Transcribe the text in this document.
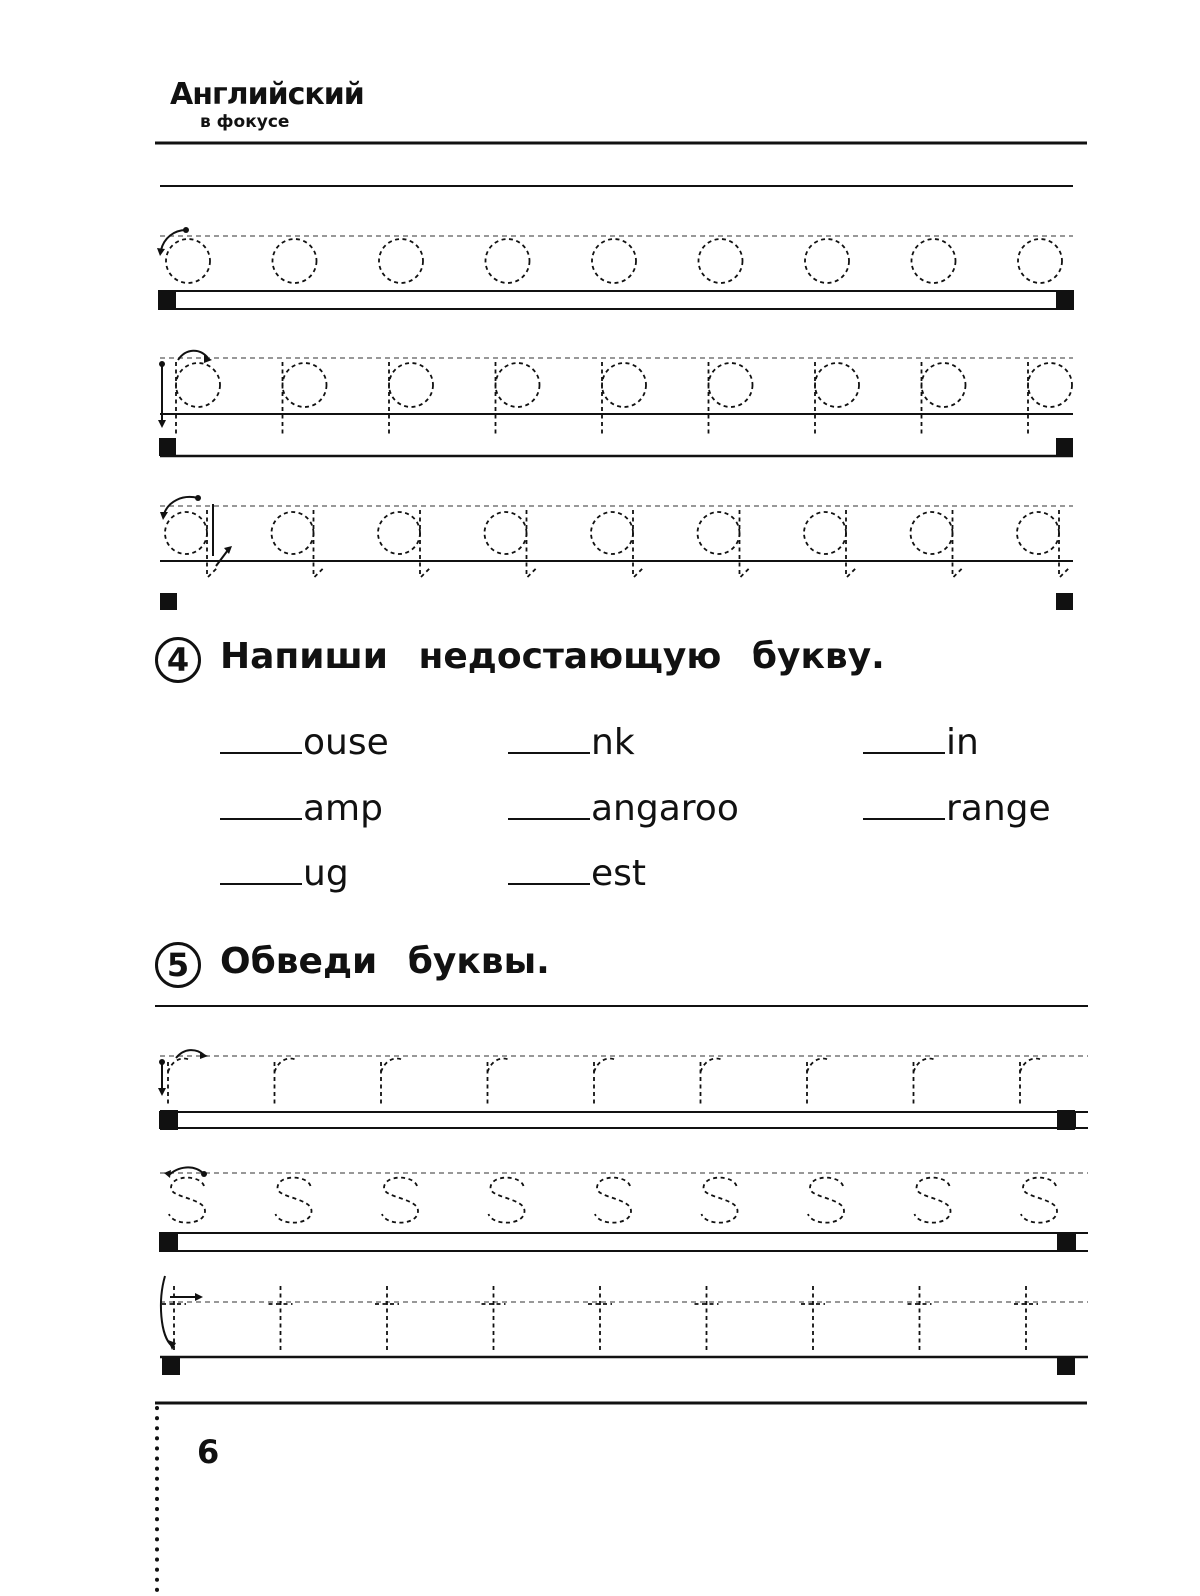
Английский
в фокусе
4 Напиши недостающую букву.
ouse	nk	in
amp	angaroo	range
ug	est
5 Обведи буквы.
6
